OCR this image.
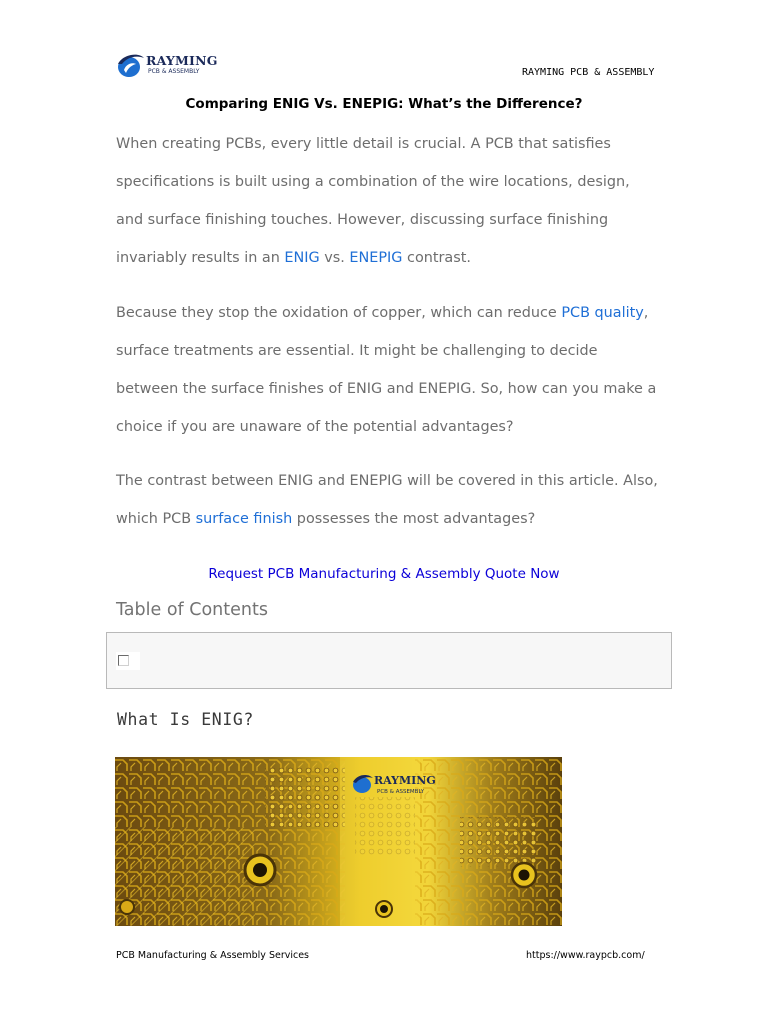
RAYMING
PCB & ASSEMBLY	RAYMING PCB & ASSEMBLY
Comparing ENIG Vs. ENEPIG: What’s the Difference?

When creating PCBs, every little detail is crucial. A PCB that satisfies specifications is built using a combination of the wire locations, design, and surface finishing touches. However, discussing surface finishing invariably results in an ENIG vs. ENEPIG contrast.

Because they stop the oxidation of copper, which can reduce PCB quality, surface treatments are essential. It might be challenging to decide between the surface finishes of ENIG and ENEPIG. So, how can you make a choice if you are unaware of the potential advantages?

The contrast between ENIG and ENEPIG will be covered in this article. Also, which PCB surface finish possesses the most advantages?

Request PCB Manufacturing & Assembly Quote Now
Table of Contents
What Is ENIG?
RAYMING
PCB & ASSEMBLY
PCB Manufacturing & Assembly Services	https://www.raypcb.com/
